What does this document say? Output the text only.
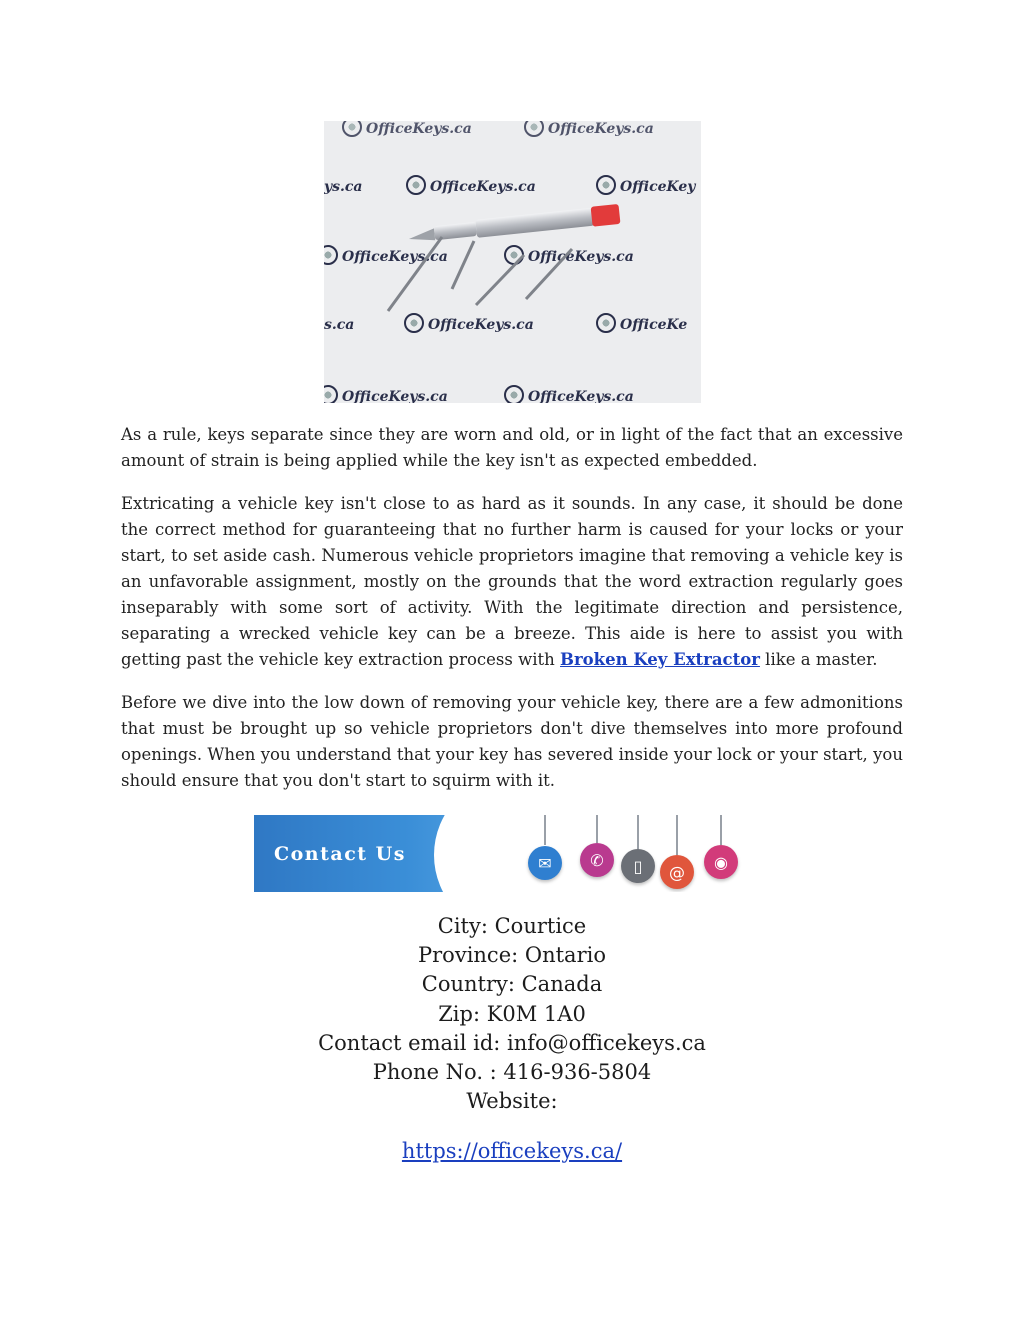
OfficeKeys.ca	OfficeKeys.ca
ys.ca	OfficeKeys.ca	OfficeKey
OfficeKeys.ca	OfficeKeys.ca
s.ca	OfficeKeys.ca	OfficeKe
OfficeKeys.ca	OfficeKeys.ca

As a rule, keys separate since they are worn and old, or in light of the fact that an excessive amount of strain is being applied while the key isn't as expected embedded.

Extricating a vehicle key isn't close to as hard as it sounds. In any case, it should be done the correct method for guaranteeing that no further harm is caused for your locks or your start, to set aside cash. Numerous vehicle proprietors imagine that removing a vehicle key is an unfavorable assignment, mostly on the grounds that the word extraction regularly goes inseparably with some sort of activity. With the legitimate direction and persistence, separating a wrecked vehicle key can be a breeze. This aide is here to assist you with getting past the vehicle key extraction process with Broken Key Extractor like a master.

Before we dive into the low down of removing your vehicle key, there are a few admonitions that must be brought up so vehicle proprietors don't dive themselves into more profound openings. When you understand that your key has severed inside your lock or your start, you should ensure that you don't start to squirm with it.

Contact Us	✉	✆	▯	@
◉
City: Courtice
Province: Ontario
Country: Canada
Zip: K0M 1A0
Contact email id: info@officekeys.ca
Phone No. : 416-936-5804
Website:
https://officekeys.ca/
